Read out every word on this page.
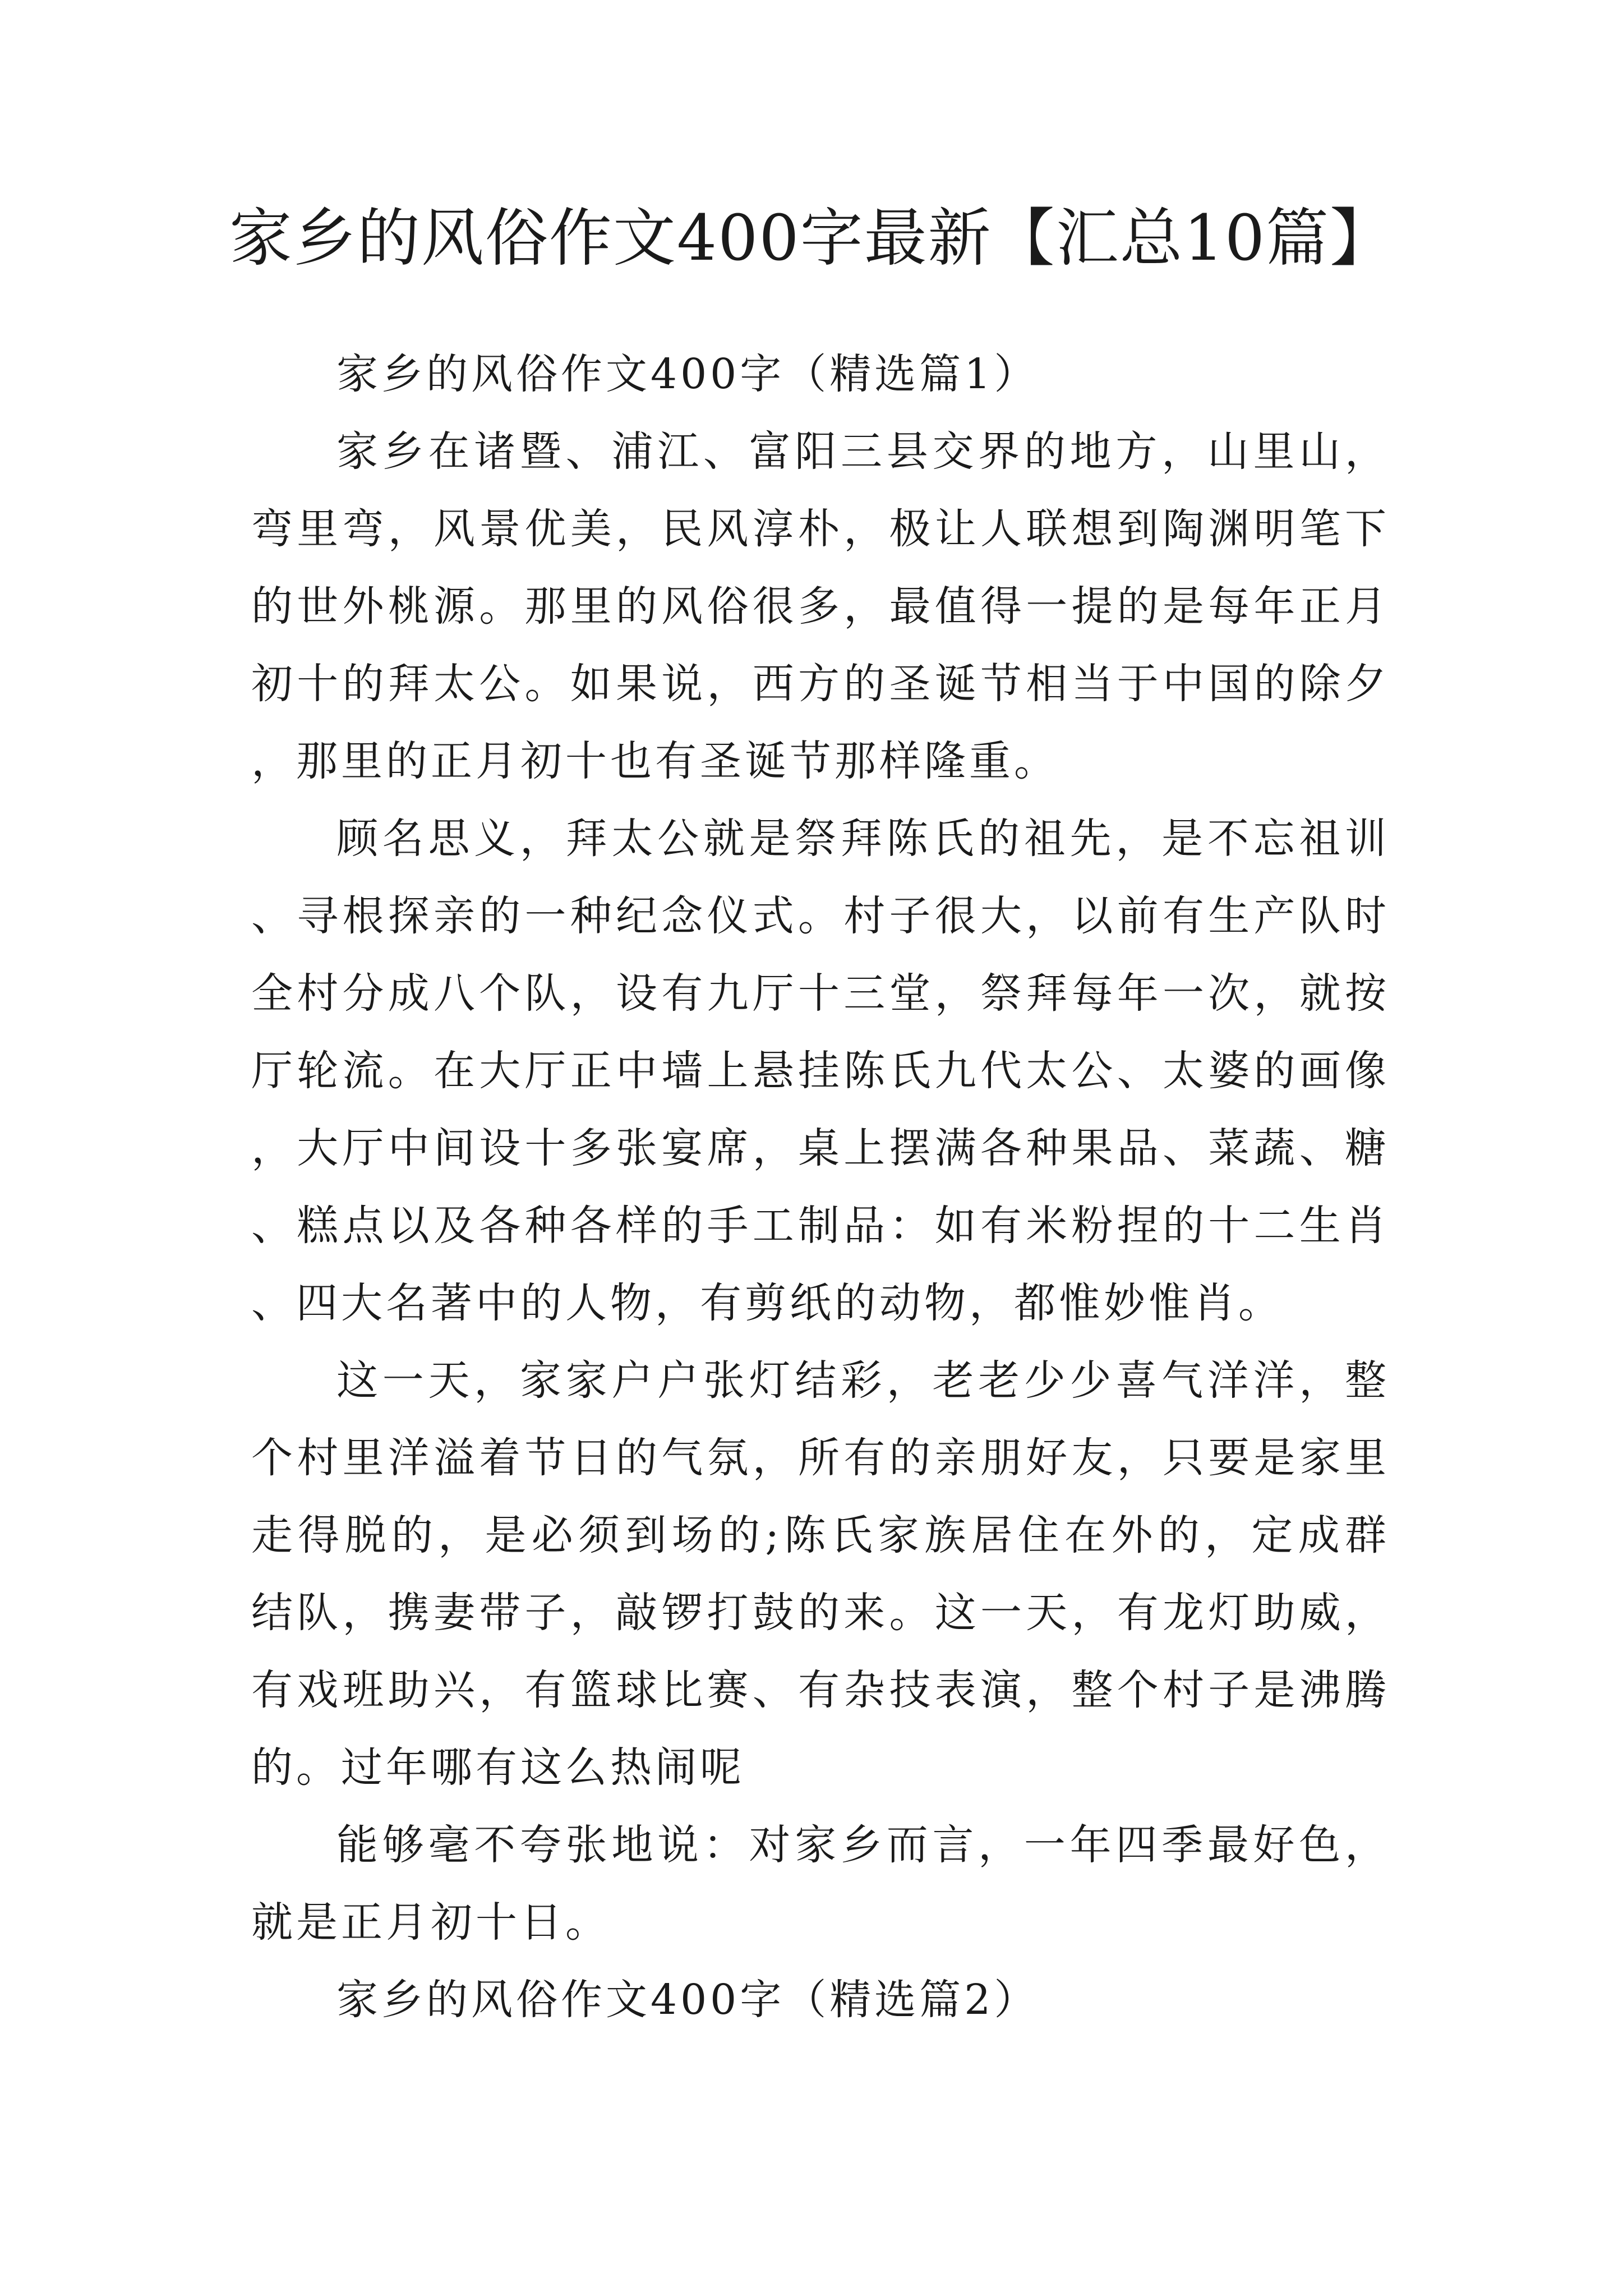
家乡的风俗作文400字最新【汇总10篇】

家乡的风俗作文400字（精选篇1）

家乡在诸暨、浦江、富阳三县交界的地方，山里山，弯里弯，风景优美，民风淳朴，极让人联想到陶渊明笔下的世外桃源。那里的风俗很多，最值得一提的是每年正月初十的拜太公。如果说，西方的圣诞节相当于中国的除夕，那里的正月初十也有圣诞节那样隆重。

顾名思义，拜太公就是祭拜陈氏的祖先，是不忘祖训、寻根探亲的一种纪念仪式。村子很大，以前有生产队时全村分成八个队，设有九厅十三堂，祭拜每年一次，就按厅轮流。在大厅正中墙上悬挂陈氏九代太公、太婆的画像，大厅中间设十多张宴席，桌上摆满各种果品、菜蔬、糖、糕点以及各种各样的手工制品：如有米粉捏的十二生肖、四大名著中的人物，有剪纸的动物，都惟妙惟肖。

这一天，家家户户张灯结彩，老老少少喜气洋洋，整个村里洋溢着节日的气氛，所有的亲朋好友，只要是家里走得脱的，是必须到场的;陈氏家族居住在外的，定成群结队，携妻带子，敲锣打鼓的来。这一天，有龙灯助威，有戏班助兴，有篮球比赛、有杂技表演，整个村子是沸腾的。过年哪有这么热闹呢

能够毫不夸张地说：对家乡而言，一年四季最好色，就是正月初十日。

家乡的风俗作文400字（精选篇2）
